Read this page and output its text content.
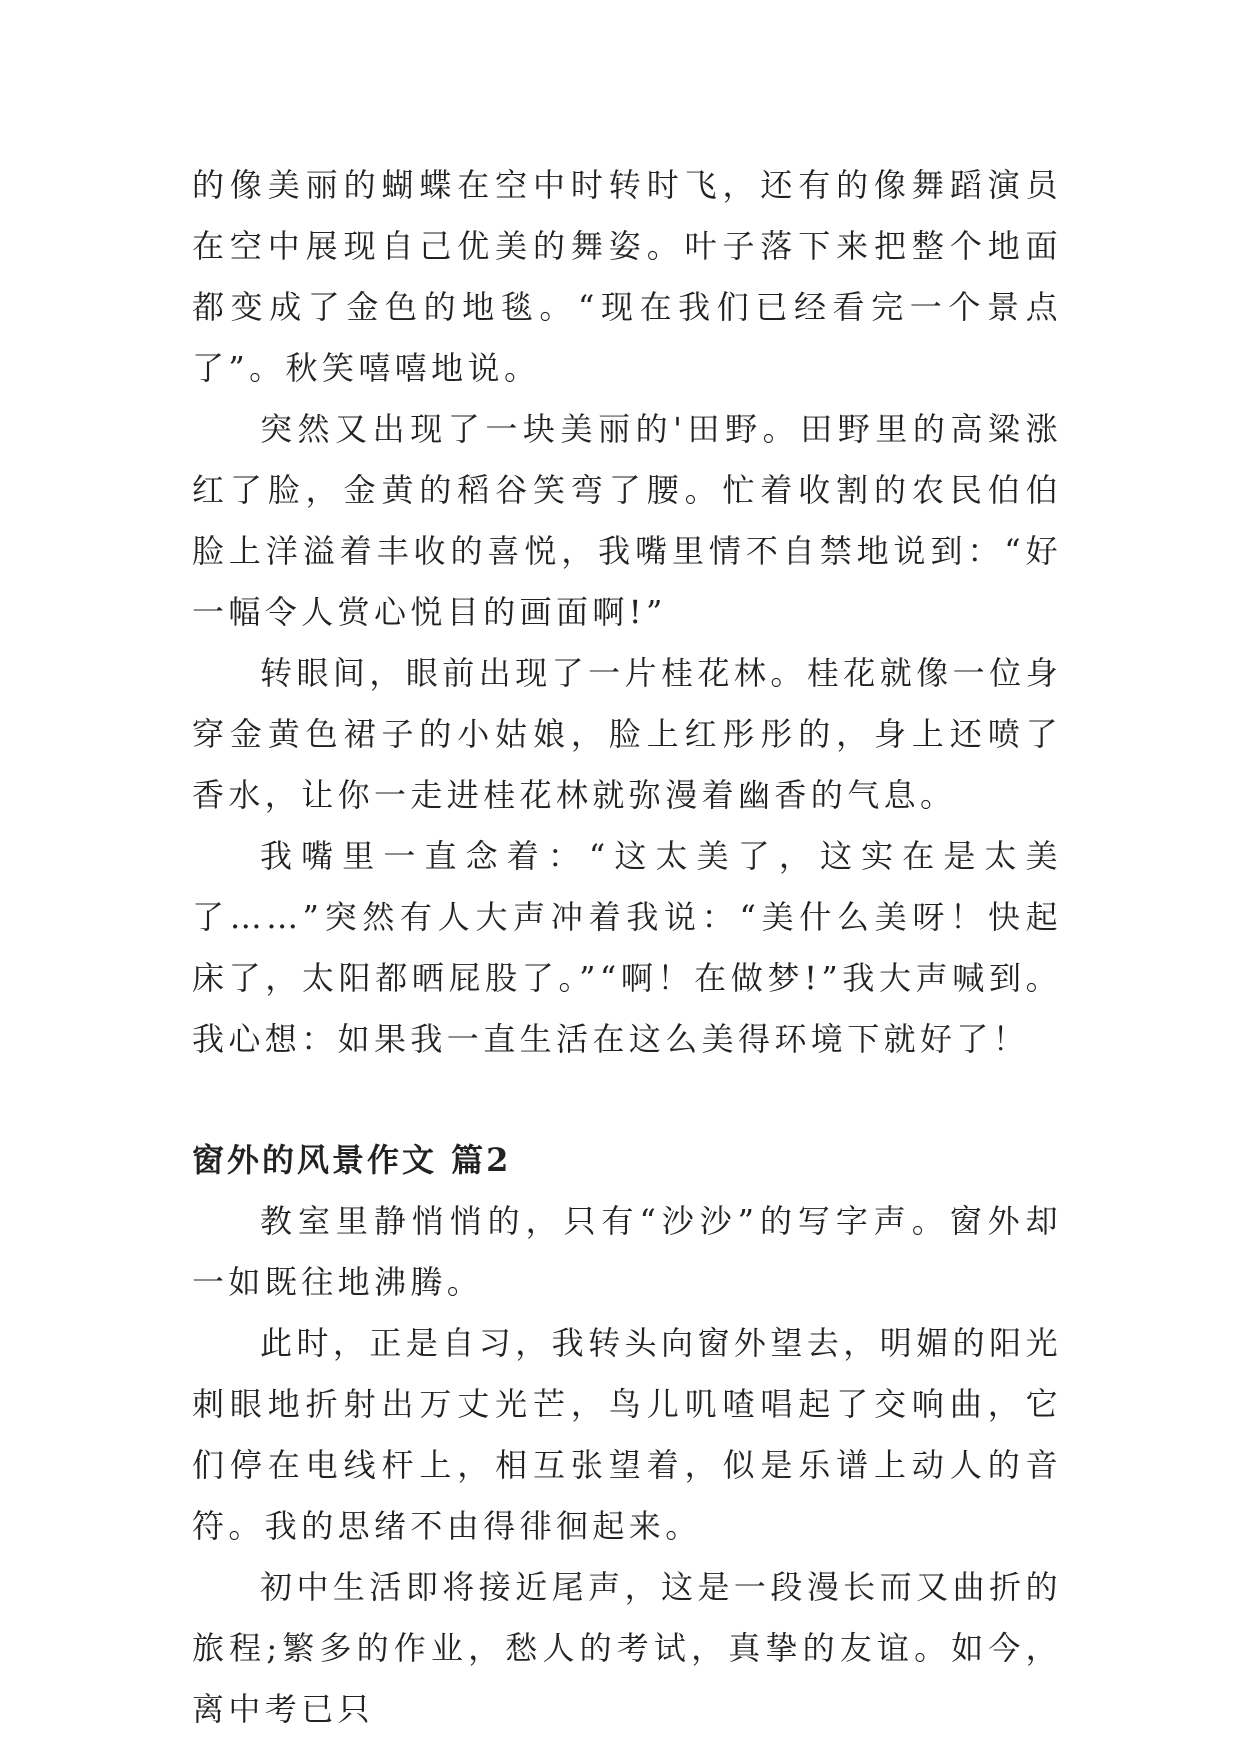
的像美丽的蝴蝶在空中时转时飞，还有的像舞蹈演员在空中展现自己优美的舞姿。叶子落下来把整个地面都变成了金色的地毯。“现在我们已经看完一个景点了”。秋笑嘻嘻地说。

突然又出现了一块美丽的'田野。田野里的高粱涨红了脸，金黄的稻谷笑弯了腰。忙着收割的农民伯伯脸上洋溢着丰收的喜悦，我嘴里情不自禁地说到：“好一幅令人赏心悦目的画面啊!”

转眼间，眼前出现了一片桂花林。桂花就像一位身穿金黄色裙子的小姑娘，脸上红彤彤的，身上还喷了香水，让你一走进桂花林就弥漫着幽香的气息。

我嘴里一直念着：“这太美了，这实在是太美了……”突然有人大声冲着我说：“美什么美呀！快起床了，太阳都晒屁股了。”“啊！在做梦!”我大声喊到。我心想：如果我一直生活在这么美得环境下就好了！

窗外的风景作文 篇2

教室里静悄悄的，只有“沙沙”的写字声。窗外却一如既往地沸腾。

此时，正是自习，我转头向窗外望去，明媚的阳光刺眼地折射出万丈光芒，鸟儿叽喳唱起了交响曲，它们停在电线杆上，相互张望着，似是乐谱上动人的音符。我的思绪不由得徘徊起来。

初中生活即将接近尾声，这是一段漫长而又曲折的旅程;繁多的作业，愁人的考试，真挚的友谊。如今，离中考已只
